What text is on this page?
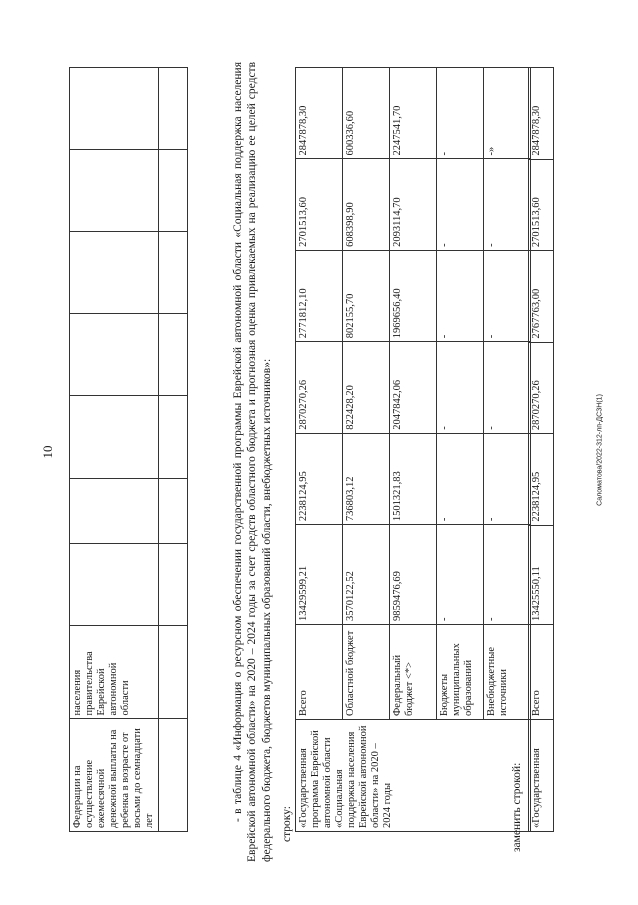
10	Саломатова/2022-312-лп-ДСЗН(1)
Федерации на осуществление ежемесячной денежной выплаты на ребенка в возрасте от восьми до семнадцати лет	населения правительства Еврейской автономной области							
									- в таблице 4 «Информация о ресурсном обеспечении государственной программы Еврейской автономной области «Социальная поддержка населения Еврейской автономной области» на 2020 – 2024 годы за счет средств областного бюджета и прогнозная оценка привлекаемых на реализацию ее целей средств федерального бюджета, бюджетов муниципальных образований области, внебюджетных источников»: строку: «Государственная программа Еврейской автономной области «Социальная поддержка населения Еврейской автономной области» на 2020 – 2024 годы	Всего	13429599,21	2238124,95	2870270,26	2771812,10	2701513,60	2847878,30
	Областной бюджет	3570122,52	736803,12	822428,20	802155,70	608398,90	600336,60
	Федеральный бюджет <*>	9859476,69	1501321,83	2047842,06	1969656,40	2093114,70	2247541,70
	Бюджеты муниципальных образований	-	-	-	-	-	-
	Внебюджетные источники	-	-	-	-	-	-»
заменить строкой: «Государственная	Всего	13425550,11	2238124,95	2870270,26	2767763,00	2701513,60	2847878,30
